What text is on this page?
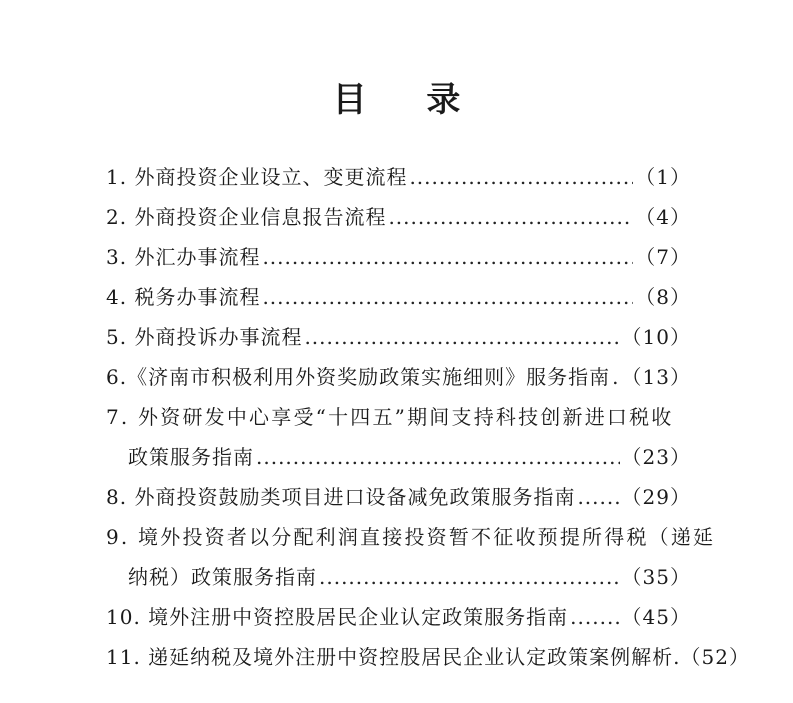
目 录
1. 外商投资企业设立、变更流程 .....	（1）
2. 外商投资企业信息报告流程 .....	（4）
3. 外汇办事流程 .....	（7）
4. 税务办事流程 .....	（8）
5. 外商投诉办事流程 .....	（10）
6.《济南市积极利用外资奖励政策实施细则》服务指南 ..... （13）
7. 外资研发中心享受“十四五”期间支持科技创新进口税收
政策服务指南 .....	（23）
8. 外商投资鼓励类项目进口设备减免政策服务指南 ..... （29）
9. 境外投资者以分配利润直接投资暂不征收预提所得税（递延
纳税）政策服务指南 .....	（35）
10. 境外注册中资控股居民企业认定政策服务指南 .....	（45）
11. 递延纳税及境外注册中资控股居民企业认定政策案例解析. （52）
